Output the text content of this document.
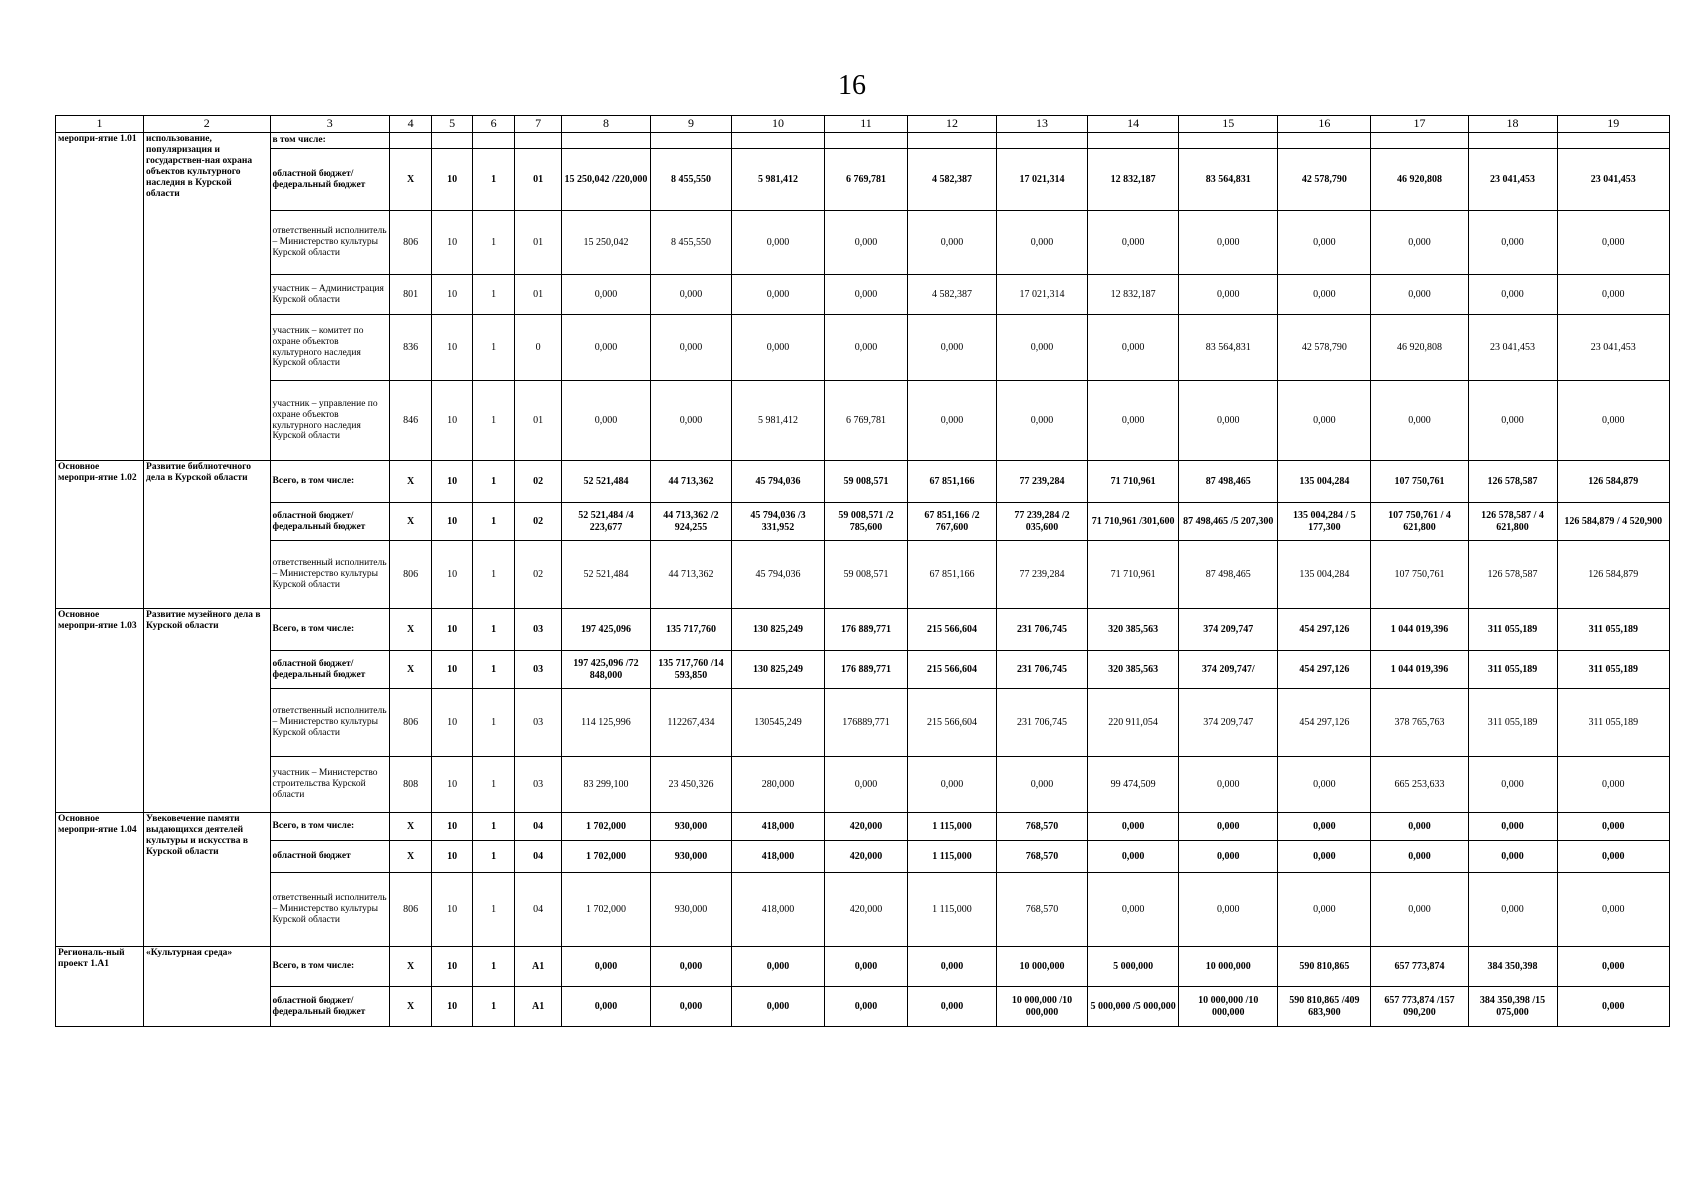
16
1	2	3	4	5	6	7	8	9	10	11	12	13	14	15	16	17	18	19
меропри-ятие 1.01	использование, популяризация и государствен-ная охрана объектов культурного наследия в Курской области	в том числе:																
		областной бюджет/ федеральный бюджет	Х	10	1	01	15 250,042 /220,000	8 455,550	5 981,412	6 769,781	4 582,387	17 021,314	12 832,187	83 564,831	42 578,790	46 920,808	23 041,453	23 041,453
		ответственный исполнитель – Министерство культуры Курской области	806	10	1	01	15 250,042	8 455,550	0,000	0,000	0,000	0,000	0,000	0,000	0,000	0,000	0,000	0,000
		участник – Администрация Курской области	801	10	1	01	0,000	0,000	0,000	0,000	4 582,387	17 021,314	12 832,187	0,000	0,000	0,000	0,000	0,000
		участник – комитет по охране объектов культурного наследия Курской области	836	10	1	0	0,000	0,000	0,000	0,000	0,000	0,000	0,000	83 564,831	42 578,790	46 920,808	23 041,453	23 041,453
		участник – управление по охране объектов культурного наследия Курской области	846	10	1	01	0,000	0,000	5 981,412	6 769,781	0,000	0,000	0,000	0,000	0,000	0,000	0,000	0,000
Основное меропри-ятие 1.02	Развитие библиотечного дела в Курской области	Всего, в том числе:	Х	10	1	02	52 521,484	44 713,362	45 794,036	59 008,571	67 851,166	77 239,284	71 710,961	87 498,465	135 004,284	107 750,761	126 578,587	126 584,879
		областной бюджет/ федеральный бюджет	Х	10	1	02	52 521,484 /4 223,677	44 713,362 /2 924,255	45 794,036 /3 331,952	59 008,571 /2 785,600	67 851,166 /2 767,600	77 239,284 /2 035,600	71 710,961 /301,600	87 498,465 /5 207,300	135 004,284 / 5 177,300	107 750,761 / 4 621,800	126 578,587 / 4 621,800	126 584,879 / 4 520,900
		ответственный исполнитель – Министерство культуры Курской области	806	10	1	02	52 521,484	44 713,362	45 794,036	59 008,571	67 851,166	77 239,284	71 710,961	87 498,465	135 004,284	107 750,761	126 578,587	126 584,879
Основное меропри-ятие 1.03	Развитие музейного дела в Курской области	Всего, в том числе:	Х	10	1	03	197 425,096	135 717,760	130 825,249	176 889,771	215 566,604	231 706,745	320 385,563	374 209,747	454 297,126	1 044 019,396	311 055,189	311 055,189
		областной бюджет/ федеральный бюджет	Х	10	1	03	197 425,096 /72 848,000	135 717,760 /14 593,850	130 825,249	176 889,771	215 566,604	231 706,745	320 385,563	374 209,747/	454 297,126	1 044 019,396	311 055,189	311 055,189
		ответственный исполнитель – Министерство культуры Курской области	806	10	1	03	114 125,996	112267,434	130545,249	176889,771	215 566,604	231 706,745	220 911,054	374 209,747	454 297,126	378 765,763	311 055,189	311 055,189
		участник – Министерство строительства Курской области	808	10	1	03	83 299,100	23 450,326	280,000	0,000	0,000	0,000	99 474,509	0,000	0,000	665 253,633	0,000	0,000
Основное меропри-ятие 1.04	Увековечение памяти выдающихся деятелей культуры и искусства в Курской области	Всего, в том числе:	Х	10	1	04	1 702,000	930,000	418,000	420,000	1 115,000	768,570	0,000	0,000	0,000	0,000	0,000	0,000
		областной бюджет	Х	10	1	04	1 702,000	930,000	418,000	420,000	1 115,000	768,570	0,000	0,000	0,000	0,000	0,000	0,000
		ответственный исполнитель – Министерство культуры Курской области	806	10	1	04	1 702,000	930,000	418,000	420,000	1 115,000	768,570	0,000	0,000	0,000	0,000	0,000	0,000
Региональ-ный проект 1.А1	«Культурная среда»	Всего, в том числе:	Х	10	1	А1	0,000	0,000	0,000	0,000	0,000	10 000,000	5 000,000	10 000,000	590 810,865	657 773,874	384 350,398	0,000
		областной бюджет/ федеральный бюджет	Х	10	1	А1	0,000	0,000	0,000	0,000	0,000	10 000,000 /10 000,000	5 000,000 /5 000,000	10 000,000 /10 000,000	590 810,865 /409 683,900	657 773,874 /157 090,200	384 350,398 /15 075,000	0,000
